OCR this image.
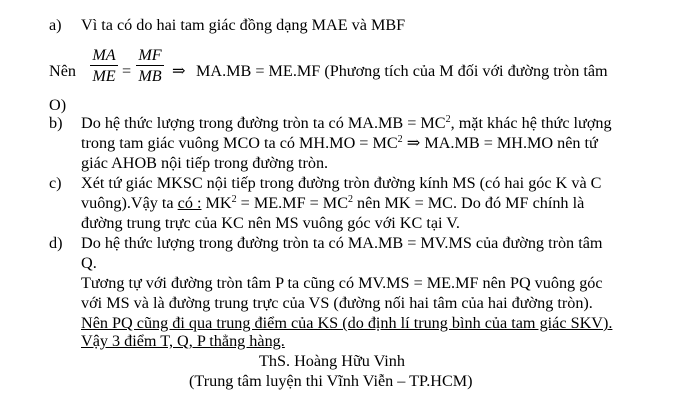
a) Vì ta có do hai tam giác đồng dạng MAE và MBF
Nên
MA
ME =
MF
MB ⇒ MA.MB = ME.MF (Phương tích của M đối với đường tròn tâm
O)
b) Do hệ thức lượng trong đường tròn ta có $MA.MB = MC^2$, mặt khác hệ thức lượng
trong tam giác vuông MCO ta có $MH.MO = MC^2$ ⇒ MA.MB = MH.MO nên tứ
giác AHOB nội tiếp trong đường tròn.
c) Xét tứ giác MKSC nội tiếp trong đường tròn đường kính MS (có hai góc K và C
vuông).Vậy ta có : $MK^2 = ME.MF = MC^2$ nên MK = MC. Do đó MF chính là
đường trung trực của KC nên MS vuông góc với KC tại V.
d) Do hệ thức lượng trong đường tròn ta có MA.MB = MV.MS của đường tròn tâm
Q.
Tương tự với đường tròn tâm P ta cũng có MV.MS = ME.MF nên PQ vuông góc
với MS và là đường trung trực của VS (đường nối hai tâm của hai đường tròn).
Nên PQ cũng đi qua trung điểm của KS (do định lí trung bình của tam giác SKV).
Vậy 3 điểm T, Q, P thẳng hàng.
ThS. Hoàng Hữu Vinh
(Trung tâm luyện thi Vĩnh Viễn – TP.HCM)
